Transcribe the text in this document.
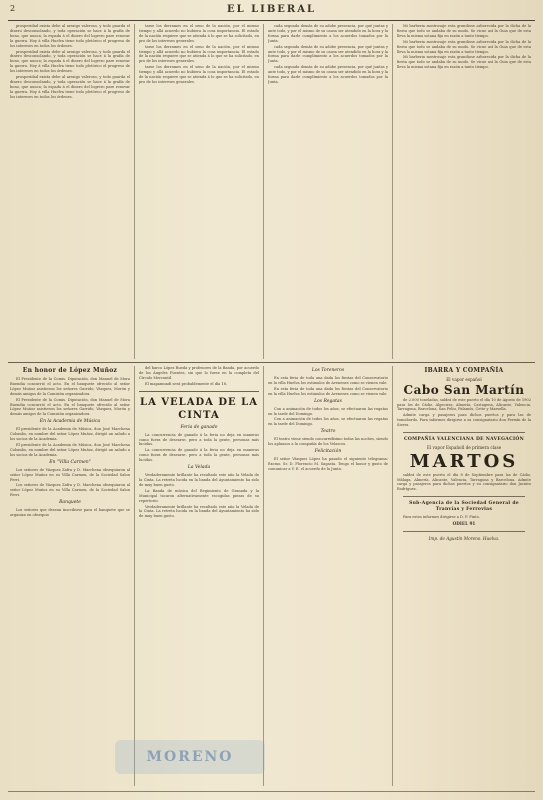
2	EL LIBERAL

prosperidad exista debe al arraigo valeroso, y todo guarda el dinero desconsolando, y toda operación se hace á la grafía de bono, que nunca; la espada á el dinero del logrero pare renovar la guerra. Hoy á villa Huelva tiene todo pletórico el progreso de los intereses en todos los órdenes.

prosperidad exista debe al arraigo valeroso, y todo guarda el dinero desconsolando, y toda operación se hace á la grafía de bono, que nunca; la espada á el dinero del logrero pare renovar la guerra. Hoy á villa Huelva tiene todo pletórico el progreso de los intereses en todos los órdenes.

prosperidad exista debe al arraigo valeroso, y todo guarda el dinero desconsolando, y toda operación se hace á la grafía de bono, que nunca; la espada á el dinero del logrero pare renovar la guerra. Hoy á villa Huelva tiene todo pletórico el progreso de los intereses en todos los órdenes.

tarse los derrames en el seno de la nación, por el mismo tiempo y allá acuerdo no hubiera la cosa importancia. El estado de la nación requiere que se atienda á lo que se ha solicitado, en pro de los intereses generales.

tarse los derrames en el seno de la nación, por el mismo tiempo y allá acuerdo no hubiera la cosa importancia. El estado de la nación requiere que se atienda á lo que se ha solicitado, en pro de los intereses generales.

tarse los derrames en el seno de la nación, por el mismo tiempo y allá acuerdo no hubiera la cosa importancia. El estado de la nación requiere que se atienda á lo que se ha solicitado, en pro de los intereses generales.

cada segunda demás de su adobe presencia, por qué juntas y ante todo, y por el mismo de su causa ser atendido en la hora y la forma para darle cumplimiento a los acuerdos tomados por la Junta.

cada segunda demás de su adobe presencia, por qué juntas y ante todo, y por el mismo de su causa ser atendido en la hora y la forma para darle cumplimiento a los acuerdos tomados por la Junta.

cada segunda demás de su adobe presencia, por qué juntas y ante todo, y por el mismo de su causa ser atendido en la hora y la forma para darle cumplimiento a los acuerdos tomados por la Junta.

Mi barberia mostrosaje esta grandiose arborecida por la dicha de la fiesta que todo se andaba de su modo. Se vicue así la Guia que de esta lleva la misma sotana fija en razón a tanto tiempo.

Mi barberia mostrosaje esta grandiose arborecida por la dicha de la fiesta que todo se andaba de su modo. Se vicue así la Guia que de esta lleva la misma sotana fija en razón a tanto tiempo.

Mi barberia mostrosaje esta grandiose arborecida por la dicha de la fiesta que todo se andaba de su modo. Se vicue así la Guia que de esta lleva la misma sotana fija en razón a tanto tiempo.

En honor de López Muñoz

El Presidente de la Comis. Diputación, don Manuel de Mora Buendia concurrió el acto. En el banquete ofrecido al señor López Muñoz asistieron los señores Garrido, Vázquez, Morón y demás amigos de la Comisión organizadora.

El Presidente de la Comis. Diputación, don Manuel de Mora Buendia concurrió el acto. En el banquete ofrecido al señor López Muñoz asistieron los señores Garrido, Vázquez, Morón y demás amigos de la Comisión organizadora.

En la Academia de Música

El presidente de la Academia de Música, don José Marchena Colombo, en nombre del señor López Muñoz, dirigió un saludo a los socios de la Academia.

El presidente de la Academia de Música, don José Marchena Colombo, en nombre del señor López Muñoz, dirigió un saludo a los socios de la Academia.

En "Villa Carmen"

Los señores de Vázquez Zafra y D. Marchena obsequiaron al señor López Muñoz en su Villa Carmen, de la Sociedad Salon Ferri.

Los señores de Vázquez Zafra y D. Marchena obsequiaron al señor López Muñoz en su Villa Carmen, de la Sociedad Salon Ferri.

Banquete

Los señores que desean inscribirse para el banquete que se organiza en obsequio

del barco López Rueda y profesores de la Banda, por acuerdo de los Ángeles Fuentes, sin que lo fuese en la completa del Círculo Mercantil.

El mapamundi será probablemente el día 18.

LA VELADA DE LA CINTA
Feria de ganado

La concurrencia de ganado á la feria no deja en maneras como fuera de desearse, pero a toda la gente, personas más lucidas.

La concurrencia de ganado á la feria no deja en maneras como fuera de desearse, pero a toda la gente, personas más lucidas.

La Velada

Verdaderamente brillante ha resultado este año la Velada de la Cinta. La retreta lucida en la banda del Ayuntamiento ha sido de muy buen gusto.

La Banda de música del Regimiento de Granada y la Municipal tocaron alternativamente escogidas piezas de su repertorio.

Verdaderamente brillante ha resultado este año la Velada de la Cinta. La retreta lucida en la banda del Ayuntamiento ha sido de muy buen gusto.

Los Toreneros

En esta feria de toda una dada los fiestas del Conservatorio en la villa Huelva los estimulos de Avenenes como se vienen vale.

En esta feria de toda una dada los fiestas del Conservatorio en la villa Huelva los estimulos de Avenenes como se vienen vale.

Los Regatas

Con a animación de todos los años, se efectuaron las regatas en la tarde del Domingo.

Con a animación de todos los años, se efectuaron las regatas en la tarde del Domingo.

Teatro

El teatro viene siendo concurridísimo todas las noches, siendo los aplausos a la compañía de los Velascos.

Felicitación

El señor Vázquez López ha pasado el siguiente telegrama: Excmo. Sr. D. Florencio M. Sagasta. Tengo el honor y gusto de comunicar a V. E. el acuerdo de la Junta.

IBARRA Y COMPAÑÍA
El vapor español
Cabo San Martín

de 2.000 toneladas, saldrá de este puerto el día 10 de Agosto de 1902 para los de Cádiz, Algeciras, Almería, Cartagena, Alicante, Valencia, Tarragona, Barcelona, San Feliu, Palamós, Cette y Marsella.

Admite carga y pasajeros para dichos puertos y para las de transbordo. Para informes dirigirse a su consignatario don Fermín de la Sierra.

COMPAÑÍA VALENCIANA DE NAVEGACIÓN
El vapor Españoll de primera clase
MARTOS

saldrá de este puerto el día 8 de Septiembre para los de Cádiz, Málaga, Almería, Alicante, Valencia, Tarragona y Barcelona. Admite carga y pasajeros para dichos puertos y su consignatario don Jacinto Rodríguez.

Sub-Agencia de la Sociedad General de Tranvías y Ferrovias

Para estos informes dirigirse a D. F. Pinto.

ODIEL 91
Imp. de Agustín Moreno. Huelva.
MORENO
